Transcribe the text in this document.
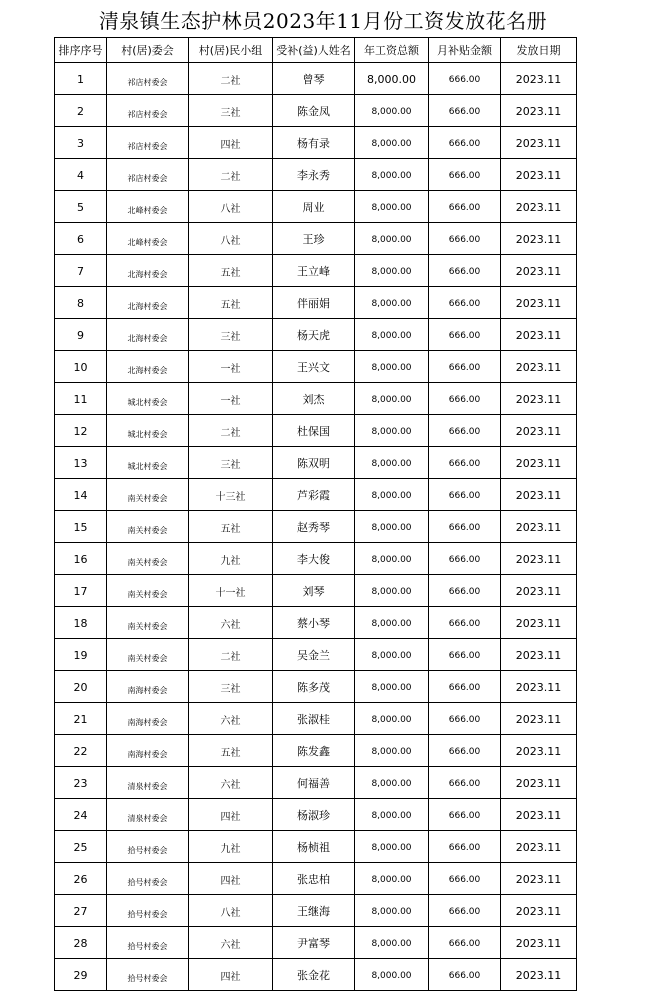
清泉镇生态护林员2023年11月份工资发放花名册
排序序号	村(居)委会	村(居)民小组	受补(益)人姓名	年工资总额	月补贴金额	发放日期
1	祁店村委会	二社	曾琴	8,000.00	666.00	2023.11
2	祁店村委会	三社	陈金凤	8,000.00	666.00	2023.11
3	祁店村委会	四社	杨有录	8,000.00	666.00	2023.11
4	祁店村委会	二社	李永秀	8,000.00	666.00	2023.11
5	北峰村委会	八社	周业	8,000.00	666.00	2023.11
6	北峰村委会	八社	王珍	8,000.00	666.00	2023.11
7	北海村委会	五社	王立峰	8,000.00	666.00	2023.11
8	北海村委会	五社	伴丽娟	8,000.00	666.00	2023.11
9	北海村委会	三社	杨天虎	8,000.00	666.00	2023.11
10	北海村委会	一社	王兴文	8,000.00	666.00	2023.11
11	城北村委会	一社	刘杰	8,000.00	666.00	2023.11
12	城北村委会	二社	杜保国	8,000.00	666.00	2023.11
13	城北村委会	三社	陈双明	8,000.00	666.00	2023.11
14	南关村委会	十三社	芦彩霞	8,000.00	666.00	2023.11
15	南关村委会	五社	赵秀琴	8,000.00	666.00	2023.11
16	南关村委会	九社	李大俊	8,000.00	666.00	2023.11
17	南关村委会	十一社	刘琴	8,000.00	666.00	2023.11
18	南关村委会	六社	蔡小琴	8,000.00	666.00	2023.11
19	南关村委会	二社	吴金兰	8,000.00	666.00	2023.11
20	南海村委会	三社	陈多茂	8,000.00	666.00	2023.11
21	南海村委会	六社	张淑桂	8,000.00	666.00	2023.11
22	南海村委会	五社	陈发鑫	8,000.00	666.00	2023.11
23	清泉村委会	六社	何福善	8,000.00	666.00	2023.11
24	清泉村委会	四社	杨淑珍	8,000.00	666.00	2023.11
25	拾号村委会	九社	杨桢祖	8,000.00	666.00	2023.11
26	拾号村委会	四社	张忠柏	8,000.00	666.00	2023.11
27	拾号村委会	八社	王继海	8,000.00	666.00	2023.11
28	拾号村委会	六社	尹富琴	8,000.00	666.00	2023.11
29	拾号村委会	四社	张金花	8,000.00	666.00	2023.11
